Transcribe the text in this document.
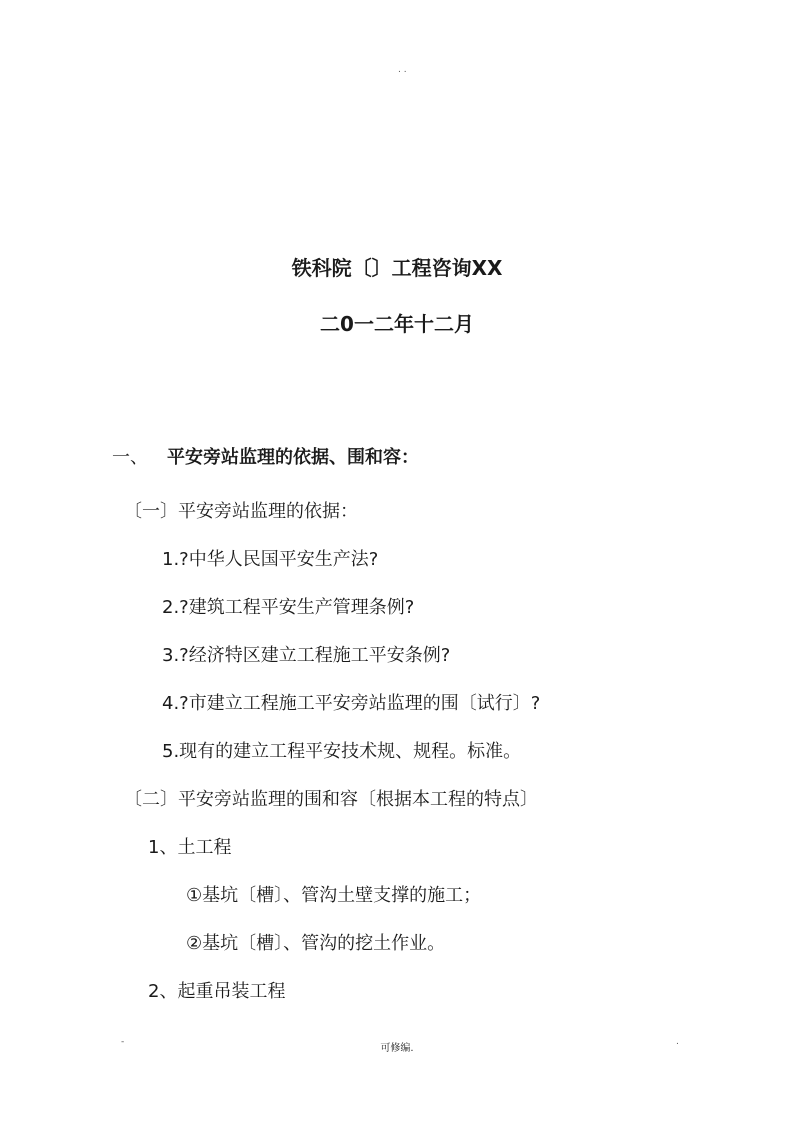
. .
铁科院〔〕工程咨询XX
二0一二年十二月
一、 平安旁站监理的依据、围和容：
〔一〕平安旁站监理的依据：
1.?中华人民国平安生产法?
2.?建筑工程平安生产管理条例?
3.?经济特区建立工程施工平安条例?
4.?市建立工程施工平安旁站监理的围〔试行〕?
5.现有的建立工程平安技术规、规程。标准。
〔二〕平安旁站监理的围和容〔根据本工程的特点〕
1、土工程
①基坑〔槽〕、管沟土壁支撑的施工；
②基坑〔槽〕、管沟的挖土作业。
2、起重吊装工程
-
可修编.
.
